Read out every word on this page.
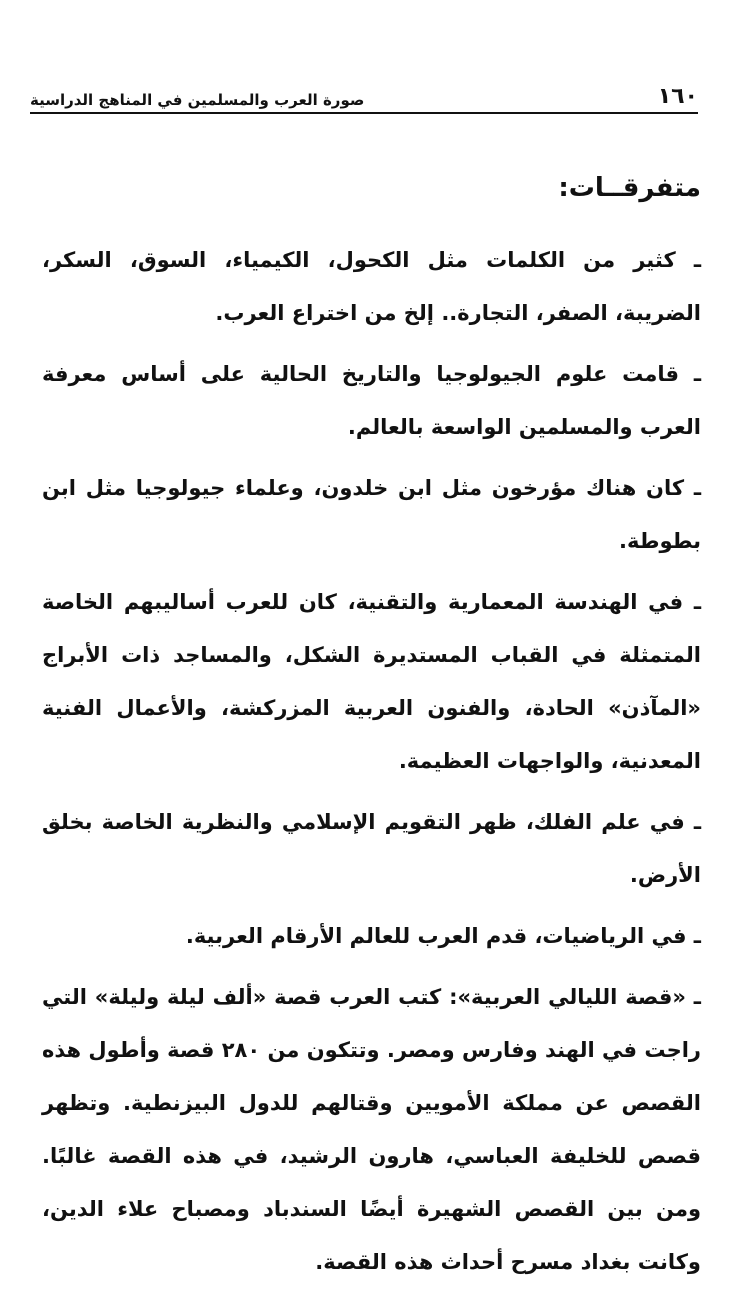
١٦٠
صورة العرب والمسلمين في المناهج الدراسية
متفرقــات:

ـ كثير من الكلمات مثل الكحول، الكيمياء، السوق، السكر، الضريبة، الصفر، التجارة.. إلخ من اختراع العرب.

ـ قامت علوم الجيولوجيا والتاريخ الحالية على أساس معرفة العرب والمسلمين الواسعة بالعالم.

ـ كان هناك مؤرخون مثل ابن خلدون، وعلماء جيولوجيا مثل ابن بطوطة.

ـ في الهندسة المعمارية والتقنية، كان للعرب أساليبهم الخاصة المتمثلة في القباب المستديرة الشكل، والمساجد ذات الأبراج «المآذن» الحادة، والفنون العربية المزركشة، والأعمال الفنية المعدنية، والواجهات العظيمة.

ـ في علم الفلك، ظهر التقويم الإسلامي والنظرية الخاصة بخلق الأرض.

ـ في الرياضيات، قدم العرب للعالم الأرقام العربية.

ـ «قصة الليالي العربية»: كتب العرب قصة «ألف ليلة وليلة» التي راجت في الهند وفارس ومصر. وتتكون من ٢٨٠ قصة وأطول هذه القصص عن مملكة الأمويين وقتالهم للدول البيزنطية. وتظهر قصص للخليفة العباسي، هارون الرشيد، في هذه القصة غالبًا. ومن بين القصص الشهيرة أيضًا السندباد ومصباح علاء الدين، وكانت بغداد مسرح أحداث هذه القصة.
